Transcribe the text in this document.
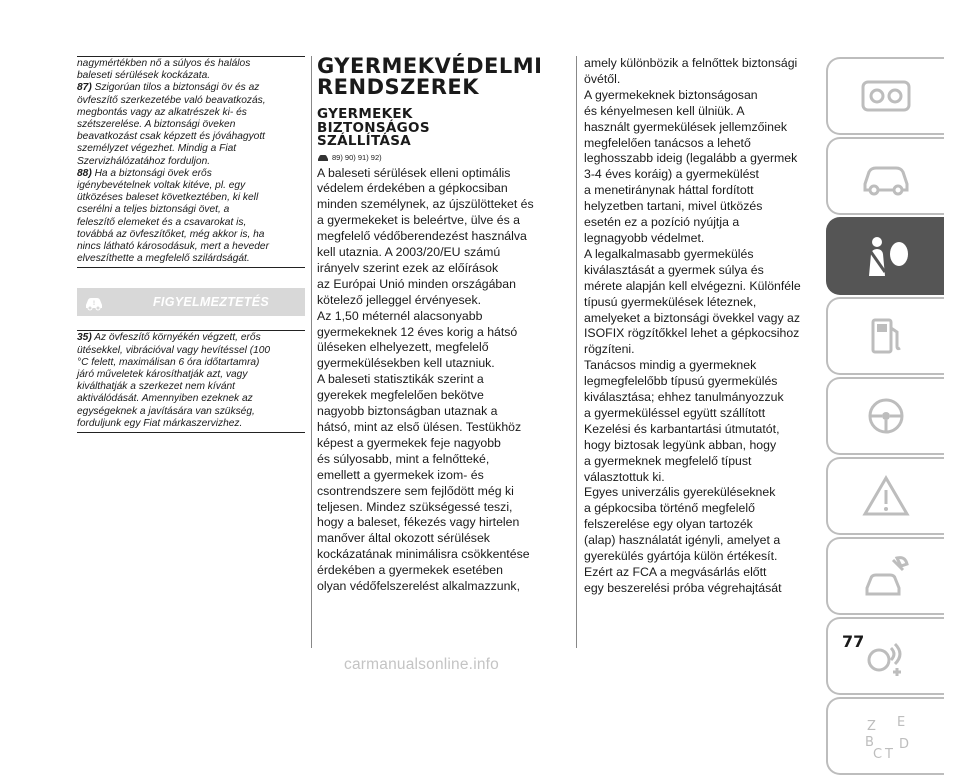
nagymértékben nő a súlyos és halálos
baleseti sérülések kockázata.

87) Szigorúan tilos a biztonsági öv és az
övfeszítő szerkezetébe való beavatkozás,
megbontás vagy az alkatrészek ki- és
szétszerelése. A biztonsági öveken
beavatkozást csak képzett és jóváhagyott
személyzet végezhet. Mindig a Fiat
Szervizhálózatához forduljon.

88) Ha a biztonsági övek erős
igénybevételnek voltak kitéve, pl. egy
ütközéses baleset következtében, ki kell
cserélni a teljes biztonsági övet, a
feleszítő elemeket és a csavarokat is,
továbbá az övfeszítőket, még akkor is, ha
nincs látható károsodásuk, mert a heveder
elveszíthette a megfelelő szilárdságát.

!	FIGYELMEZTETÉS

35) Az övfeszítő környékén végzett, erős
ütésekkel, vibrációval vagy hevítéssel (100
°C felett, maximálisan 6 óra időtartamra)
járó műveletek károsíthatják azt, vagy
kiválthatják a szerkezet nem kívánt
aktiválódását. Amennyiben ezeknek az
egységeknek a javítására van szükség,
forduljunk egy Fiat márkaszervizhez.

GYERMEKVÉDELMI
RENDSZEREK
GYERMEKEK
BIZTONSÁGOS
SZÁLLÍTÁSA
89) 90) 91) 92)

A baleseti sérülések elleni optimális
védelem érdekében a gépkocsiban
minden személynek, az újszülötteket és
a gyermekeket is beleértve, ülve és a
megfelelő védőberendezést használva
kell utaznia. A 2003/20/EU számú
irányelv szerint ezek az előírások
az Európai Unió minden országában
kötelező jelleggel érvényesek.
Az 1,50 méternél alacsonyabb
gyermekeknek 12 éves korig a hátsó
üléseken elhelyezett, megfelelő
gyermekülésekben kell utazniuk.
A baleseti statisztikák szerint a
gyerekek megfelelően bekötve
nagyobb biztonságban utaznak a
hátsó, mint az első ülésen. Testükhöz
képest a gyermekek feje nagyobb
és súlyosabb, mint a felnőtteké,
emellett a gyermekek izom- és
csontrendszere sem fejlődött még ki
teljesen. Mindez szükségessé teszi,
hogy a baleset, fékezés vagy hirtelen
manőver által okozott sérülések
kockázatának minimálisra csökkentése
érdekében a gyermekek esetében
olyan védőfelszerelést alkalmazzunk,

amely különbözik a felnőttek biztonsági
övétől.
A gyermekeknek biztonságosan
és kényelmesen kell ülniük. A
használt gyermekülések jellemzőinek
megfelelően tanácsos a lehető
leghosszabb ideig (legalább a gyermek
3-4 éves koráig) a gyermekülést
a menetiránynak háttal fordított
helyzetben tartani, mivel ütközés
esetén ez a pozíció nyújtja a
legnagyobb védelmet.
A legalkalmasabb gyermekülés
kiválasztását a gyermek súlya és
mérete alapján kell elvégezni. Különféle
típusú gyermekülések léteznek,
amelyeket a biztonsági övekkel vagy az
ISOFIX rögzítőkkel lehet a gépkocsihoz
rögzíteni.
Tanácsos mindig a gyermeknek
legmegfelelőbb típusú gyermekülés
kiválasztása; ehhez tanulmányozzuk
a gyermeküléssel együtt szállított
Kezelési és karbantartási útmutatót,
hogy biztosak legyünk abban, hogy
a gyermeknek megfelelő típust
választottuk ki.
Egyes univerzális gyereküléseknek
a gépkocsiba történő megfelelő
felszerelése egy olyan tartozék
(alap) használatát igényli, amelyet a
gyerekülés gyártója külön értékesít.
Ezért az FCA a megvásárlás előtt
egy beszerelési próba végrehajtását

Z
B
C
E
T
D
77
carmanualsonline.info
